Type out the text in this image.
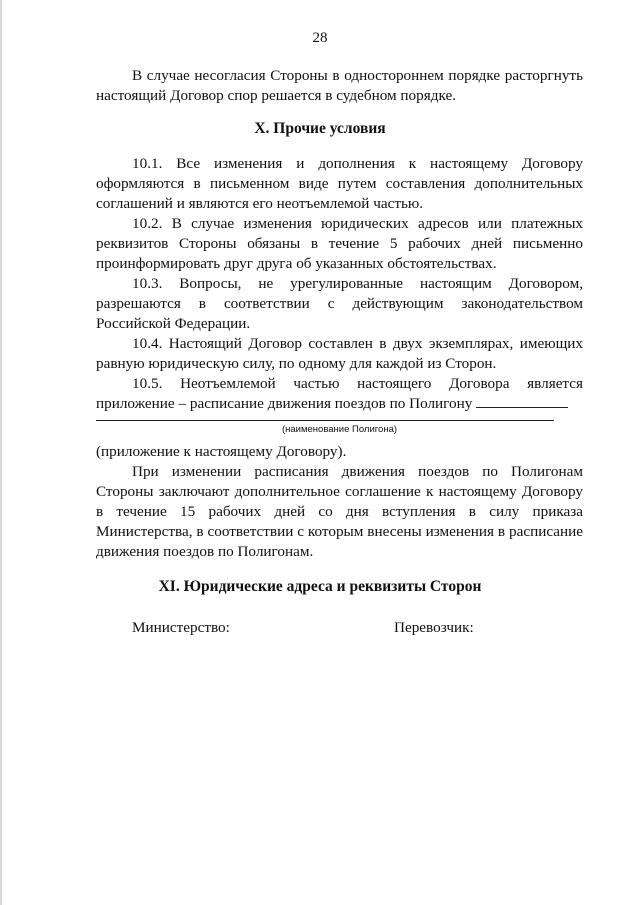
28

В случае несогласия Стороны в одностороннем порядке расторгнуть настоящий Договор спор решается в судебном порядке.

X. Прочие условия

10.1. Все изменения и дополнения к настоящему Договору оформляются в письменном виде путем составления дополнительных соглашений и являются его неотъемлемой частью.

10.2. В случае изменения юридических адресов или платежных реквизитов Стороны обязаны в течение 5 рабочих дней письменно проинформировать друг друга об указанных обстоятельствах.

10.3. Вопросы, не урегулированные настоящим Договором, разрешаются в соответствии с действующим законодательством Российской Федерации.

10.4. Настоящий Договор составлен в двух экземплярах, имеющих равную юридическую силу, по одному для каждой из Сторон.

10.5. Неотъемлемой частью настоящего Договора является приложение – расписание движения поездов по Полигону

(наименование Полигона)

(приложение к настоящему Договору).

При изменении расписания движения поездов по Полигонам Стороны заключают дополнительное соглашение к настоящему Договору в течение 15 рабочих дней со дня вступления в силу приказа Министерства, в соответствии с которым внесены изменения в расписание движения поездов по Полигонам.

XI. Юридические адреса и реквизиты Сторон
Министерство:	Перевозчик:
